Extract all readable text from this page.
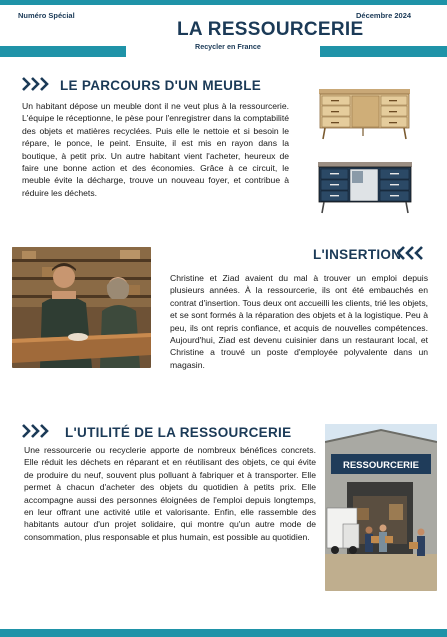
Numéro Spécial	Décembre 2024
LA RESSOURCERIE
Recycler en France
LE PARCOURS D'UN MEUBLE
Un habitant dépose un meuble dont il ne veut plus à la ressourcerie. L'équipe le réceptionne, le pèse pour l'enregistrer dans la comptabilité des objets et matières recyclées. Puis elle le nettoie et si besoin le répare, le ponce, le peint. Ensuite, il est mis en rayon dans la boutique, à petit prix. Un autre habitant vient l'acheter, heureux de faire une bonne action et des économies. Grâce à ce circuit, le meuble évite la décharge, trouve un nouveau foyer, et contribue à réduire les déchets.
L'INSERTION
Christine et Ziad avaient du mal à trouver un emploi depuis plusieurs années. À la ressourcerie, ils ont été embauchés en contrat d'insertion. Tous deux ont accueilli les clients, trié les objets, et se sont formés à la réparation des objets et à la logistique. Peu à peu, ils ont repris confiance, et acquis de nouvelles compétences. Aujourd'hui, Ziad est devenu cuisinier dans un restaurant local, et Christine a trouvé un poste d'employée polyvalente dans un magasin.
L'UTILITÉ DE LA RESSOURCERIE
Une ressourcerie ou recyclerie apporte de nombreux bénéfices concrets. Elle réduit les déchets en réparant et en réutilisant des objets, ce qui évite de produire du neuf, souvent plus polluant à fabriquer et à transporter. Elle permet à chacun d'acheter des objets du quotidien à petits prix. Elle accompagne aussi des personnes éloignées de l'emploi depuis longtemps, en leur offrant une activité utile et valorisante. Enfin, elle rassemble des habitants autour d'un projet solidaire, qui montre qu'un autre mode de consommation, plus responsable et plus humain, est possible au quotidien.
RESSOURCERIE
